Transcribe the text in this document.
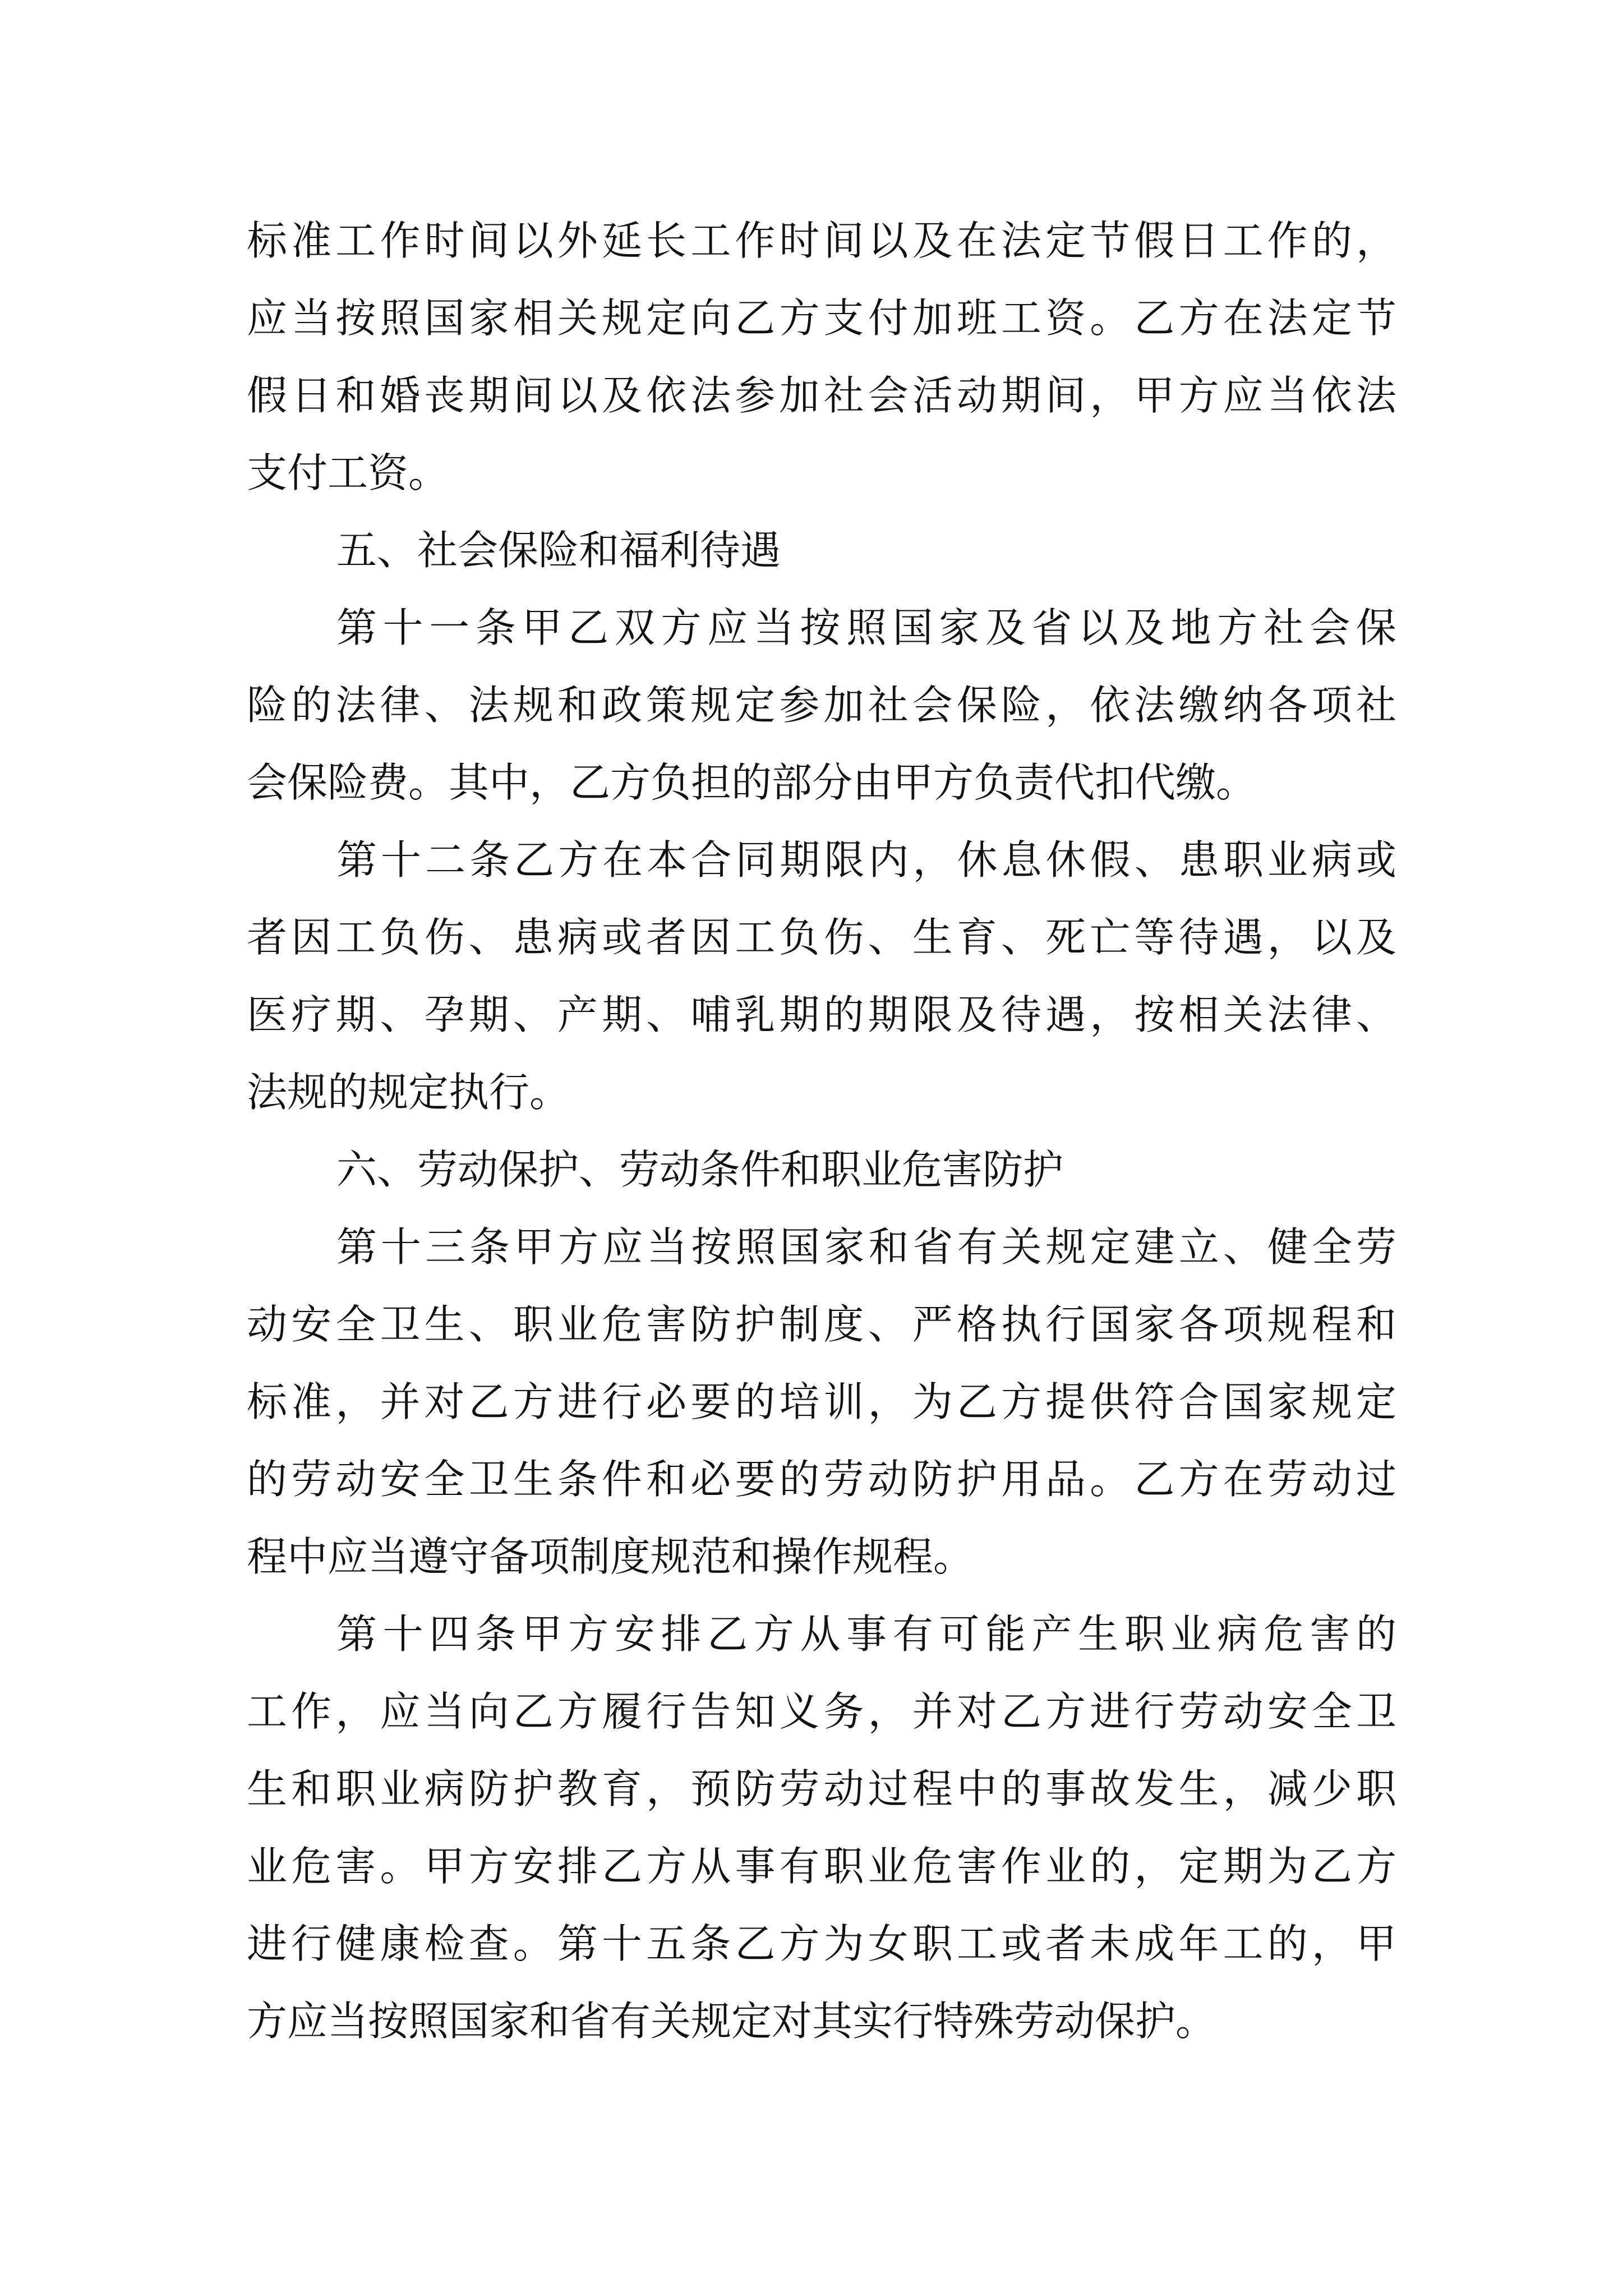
标准工作时间以外延长工作时间以及在法定节假日工作的，
应当按照国家相关规定向乙方支付加班工资。乙方在法定节
假日和婚丧期间以及依法参加社会活动期间，甲方应当依法
支付工资。
五、社会保险和福利待遇
第十一条甲乙双方应当按照国家及省以及地方社会保
险的法律、法规和政策规定参加社会保险，依法缴纳各项社
会保险费。其中，乙方负担的部分由甲方负责代扣代缴。
第十二条乙方在本合同期限内，休息休假、患职业病或
者因工负伤、患病或者因工负伤、生育、死亡等待遇，以及
医疗期、孕期、产期、哺乳期的期限及待遇，按相关法律、
法规的规定执行。
六、劳动保护、劳动条件和职业危害防护
第十三条甲方应当按照国家和省有关规定建立、健全劳
动安全卫生、职业危害防护制度、严格执行国家各项规程和
标准，并对乙方进行必要的培训，为乙方提供符合国家规定
的劳动安全卫生条件和必要的劳动防护用品。乙方在劳动过
程中应当遵守备项制度规范和操作规程。
第十四条甲方安排乙方从事有可能产生职业病危害的
工作，应当向乙方履行告知义务，并对乙方进行劳动安全卫
生和职业病防护教育，预防劳动过程中的事故发生，减少职
业危害。甲方安排乙方从事有职业危害作业的，定期为乙方
进行健康检查。第十五条乙方为女职工或者未成年工的，甲
方应当按照国家和省有关规定对其实行特殊劳动保护。
